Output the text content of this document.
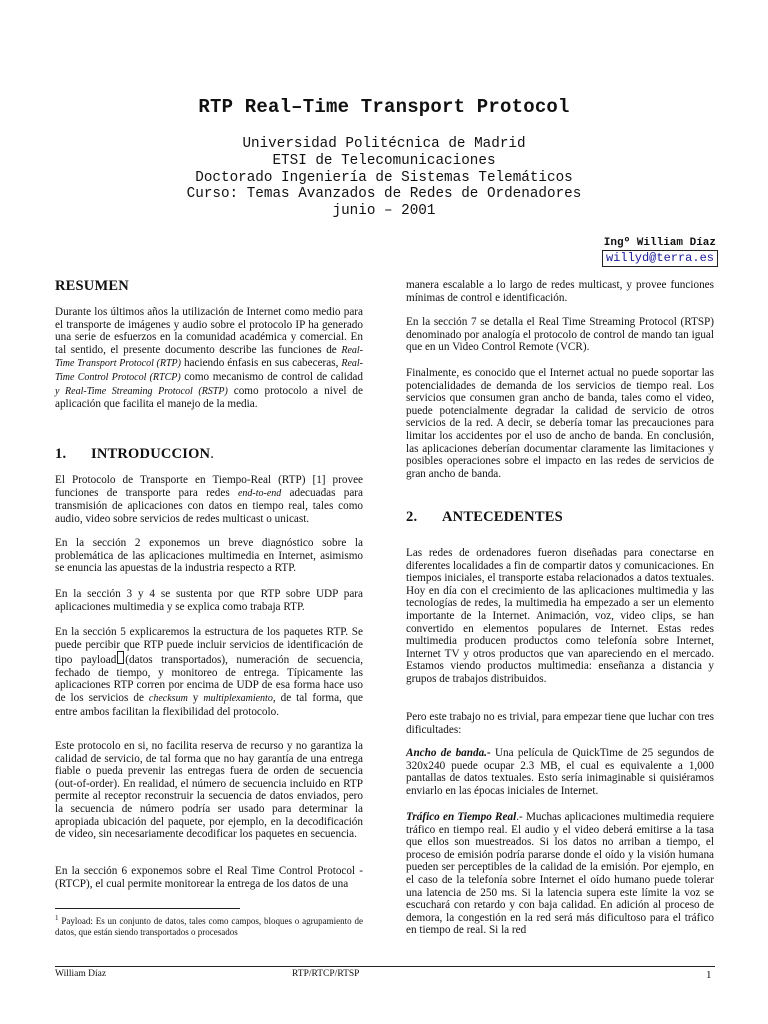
RTP Real–Time Transport Protocol
Universidad Politécnica de Madrid
ETSI de Telecomunicaciones
Doctorado Ingeniería de Sistemas Telemáticos
Curso: Temas Avanzados de Redes de Ordenadores
junio – 2001
Ingº William Díaz
willyd@terra.es
RESUMEN

Durante los últimos años la utilización de Internet como medio para el transporte de imágenes y audio sobre el protocolo IP ha generado una serie de esfuerzos en la comunidad académica y comercial. En tal sentido, el presente documento describe las funciones de Real-Time Transport Protocol (RTP) haciendo énfasis en sus cabeceras, Real-Time Control Protocol (RTCP) como mecanismo de control de calidad y Real-Time Streaming Protocol (RSTP) como protocolo a nivel de aplicación que facilita el manejo de la media.

1. INTRODUCCION.

El Protocolo de Transporte en Tiempo-Real (RTP) [1] provee funciones de transporte para redes end-to-end adecuadas para transmisión de aplicaciones con datos en tiempo real, tales como audio, video sobre servicios de redes multicast o unicast.

En la sección 2 exponemos un breve diagnóstico sobre la problemática de las aplicaciones multimedia en Internet, asimismo se enuncia las apuestas de la industria respecto a RTP.

En la sección 3 y 4 se sustenta por que RTP sobre UDP para aplicaciones multimedia y se explica como trabaja RTP.

En la sección 5 explicaremos la estructura de los paquetes RTP. Se puede percibir que RTP puede incluir servicios de identificación de tipo payload (datos transportados), numeración de secuencia, fechado de tiempo, y monitoreo de entrega. Típicamente las aplicaciones RTP corren por encima de UDP de esa forma hace uso de los servicios de checksum y multiplexamiento, de tal forma, que entre ambos facilitan la flexibilidad del protocolo.

Este protocolo en si, no facilita reserva de recurso y no garantiza la calidad de servicio, de tal forma que no hay garantía de una entrega fiable o pueda prevenir las entregas fuera de orden de secuencia (out-of-order). En realidad, el número de secuencia incluido en RTP permite al receptor reconstruir la secuencia de datos enviados, pero la secuencia de número podría ser usado para determinar la apropiada ubicación del paquete, por ejemplo, en la decodificación de video, sin necesariamente decodificar los paquetes en secuencia.

En la sección 6 exponemos sobre el Real Time Control Protocol - (RTCP), el cual permite monitorear la entrega de los datos de una

$^1$ Payload: Es un conjunto de datos, tales como campos, bloques o agrupamiento de datos, que están siendo transportados o procesados

manera escalable a lo largo de redes multicast, y provee funciones mínimas de control e identificación.

En la sección 7 se detalla el Real Time Streaming Protocol (RTSP) denominado por analogía el protocolo de control de mando tan igual que en un Video Control Remote (VCR).

Finalmente, es conocido que el Internet actual no puede soportar las potencialidades de demanda de los servicios de tiempo real. Los servicios que consumen gran ancho de banda, tales como el video, puede potencialmente degradar la calidad de servicio de otros servicios de la red. A decir, se debería tomar las precauciones para limitar los accidentes por el uso de ancho de banda. En conclusión, las aplicaciones deberían documentar claramente las limitaciones y posibles operaciones sobre el impacto en las redes de servicios de gran ancho de banda.

2. ANTECEDENTES

Las redes de ordenadores fueron diseñadas para conectarse en diferentes localidades a fin de compartir datos y comunicaciones. En tiempos iniciales, el transporte estaba relacionados a datos textuales. Hoy en día con el crecimiento de las aplicaciones multimedia y las tecnologías de redes, la multimedia ha empezado a ser un elemento importante de la Internet. Animación, voz, video clips, se han convertido en elementos populares de Internet. Estas redes multimedia producen productos como telefonía sobre Internet, Internet TV y otros productos que van apareciendo en el mercado. Estamos viendo productos multimedia: enseñanza a distancia y grupos de trabajos distribuidos.

Pero este trabajo no es trivial, para empezar tiene que luchar con tres dificultades:

Ancho de banda.- Una película de QuickTime de 25 segundos de 320x240 puede ocupar 2.3 MB, el cual es equivalente a 1,000 pantallas de datos textuales. Esto sería inimaginable si quisiéramos enviarlo en las épocas iniciales de Internet.

Tráfico en Tiempo Real.- Muchas aplicaciones multimedia requiere tráfico en tiempo real. El audio y el video deberá emitirse a la tasa que ellos son muestreados. Si los datos no arriban a tiempo, el proceso de emisión podría pararse donde el oído y la visión humana pueden ser perceptibles de la calidad de la emisión. Por ejemplo, en el caso de la telefonía sobre Internet el oído humano puede tolerar una latencia de 250 ms. Si la latencia supera este límite la voz se escuchará con retardo y con baja calidad. En adición al proceso de demora, la congestión en la red será más dificultoso para el tráfico en tiempo de real. Si la red

William Díaz	RTP/RTCP/RTSP	1
